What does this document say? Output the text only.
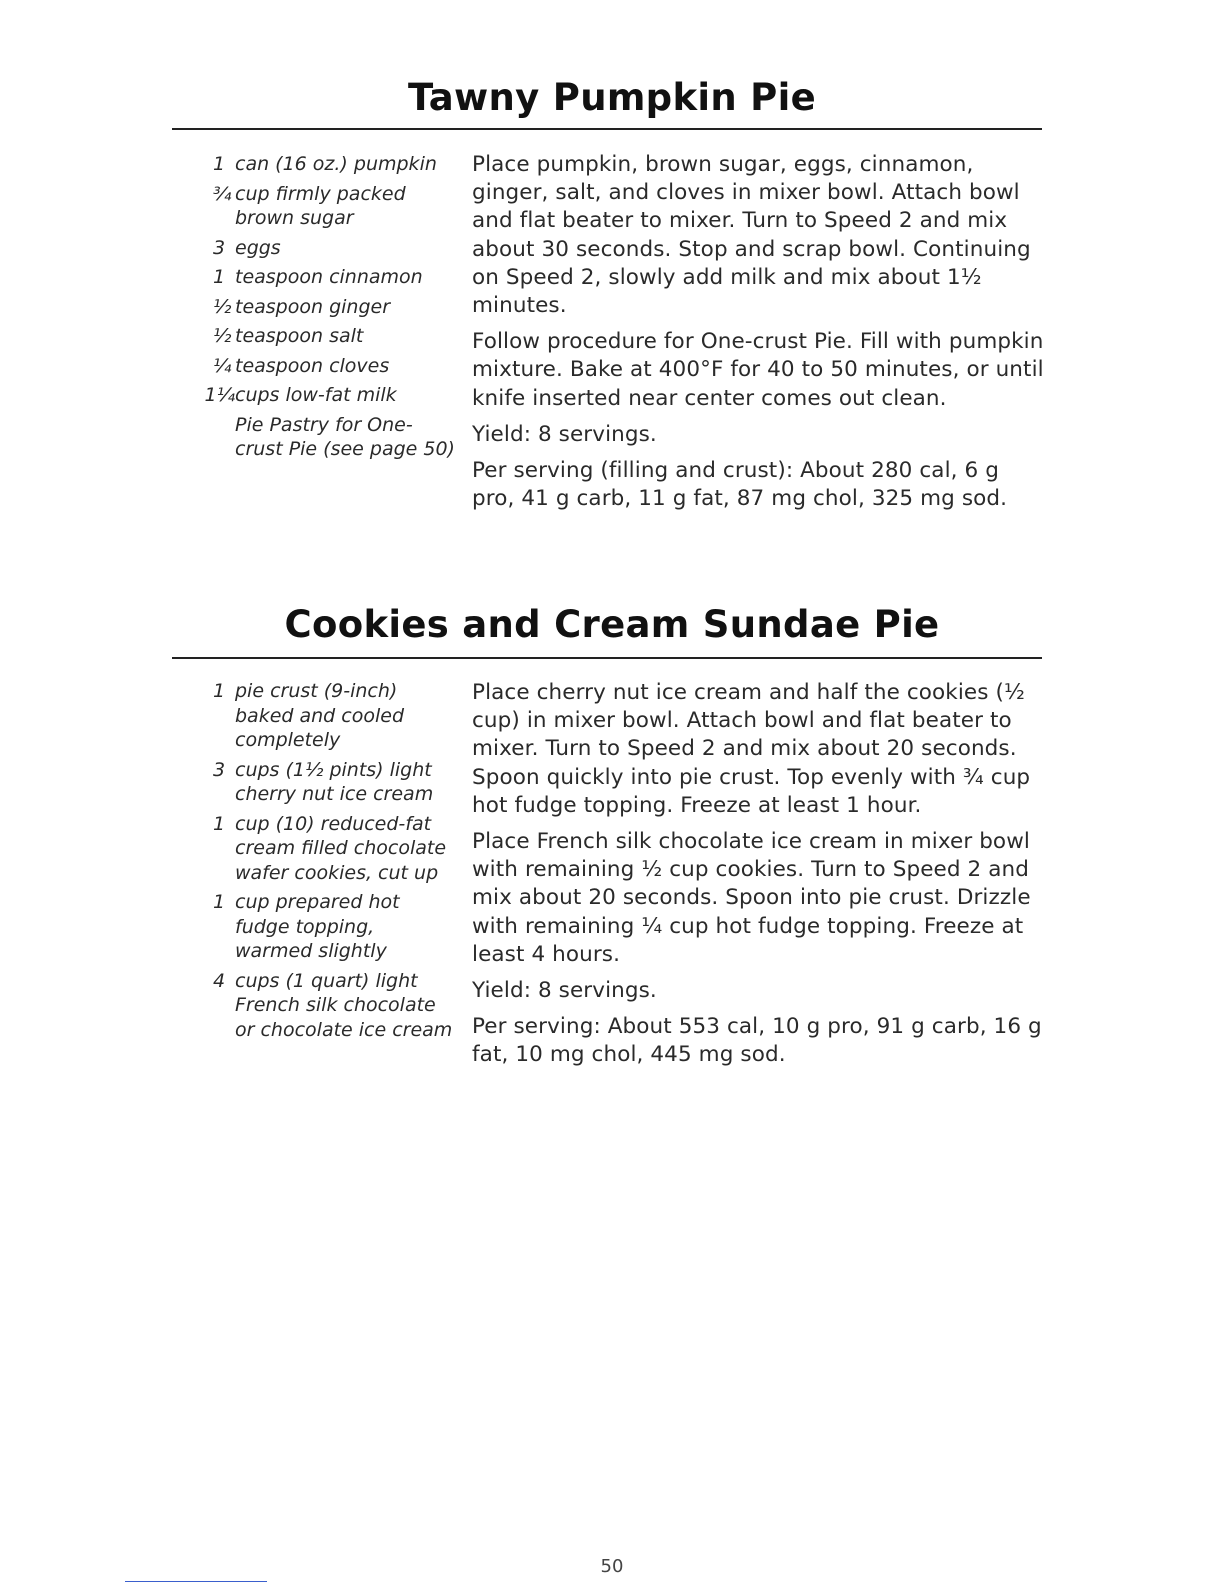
Tawny Pumpkin Pie
1 can (16 oz.) pumpkin
¾ cup firmly packed brown sugar
3 eggs
1 teaspoon cinnamon
½ teaspoon ginger
½ teaspoon salt
¼ teaspoon cloves
1¼ cups low-fat milk
Pie Pastry for One-crust Pie (see page 50)

Place pumpkin, brown sugar, eggs, cinnamon, ginger, salt, and cloves in mixer bowl. Attach bowl and flat beater to mixer. Turn to Speed 2 and mix about 30 seconds. Stop and scrap bowl. Continuing on Speed 2, slowly add milk and mix about 1½ minutes.

Follow procedure for One-crust Pie. Fill with pumpkin mixture. Bake at 400°F for 40 to 50 minutes, or until knife inserted near center comes out clean.

Yield: 8 servings.

Per serving (filling and crust): About 280 cal, 6 g pro, 41 g carb, 11 g fat, 87 mg chol, 325 mg sod.

Cookies and Cream Sundae Pie
1 pie crust (9-inch) baked and cooled completely
3 cups (1½ pints) light cherry nut ice cream
1 cup (10) reduced-fat cream filled chocolate wafer cookies, cut up
1 cup prepared hot fudge topping, warmed slightly
4 cups (1 quart) light French silk chocolate or chocolate ice cream

Place cherry nut ice cream and half the cookies (½ cup) in mixer bowl. Attach bowl and flat beater to mixer. Turn to Speed 2 and mix about 20 seconds. Spoon quickly into pie crust. Top evenly with ¾ cup hot fudge topping. Freeze at least 1 hour.

Place French silk chocolate ice cream in mixer bowl with remaining ½ cup cookies. Turn to Speed 2 and mix about 20 seconds. Spoon into pie crust. Drizzle with remaining ¼ cup hot fudge topping. Freeze at least 4 hours.

Yield: 8 servings.

Per serving: About 553 cal, 10 g pro, 91 g carb, 16 g fat, 10 mg chol, 445 mg sod.

50
